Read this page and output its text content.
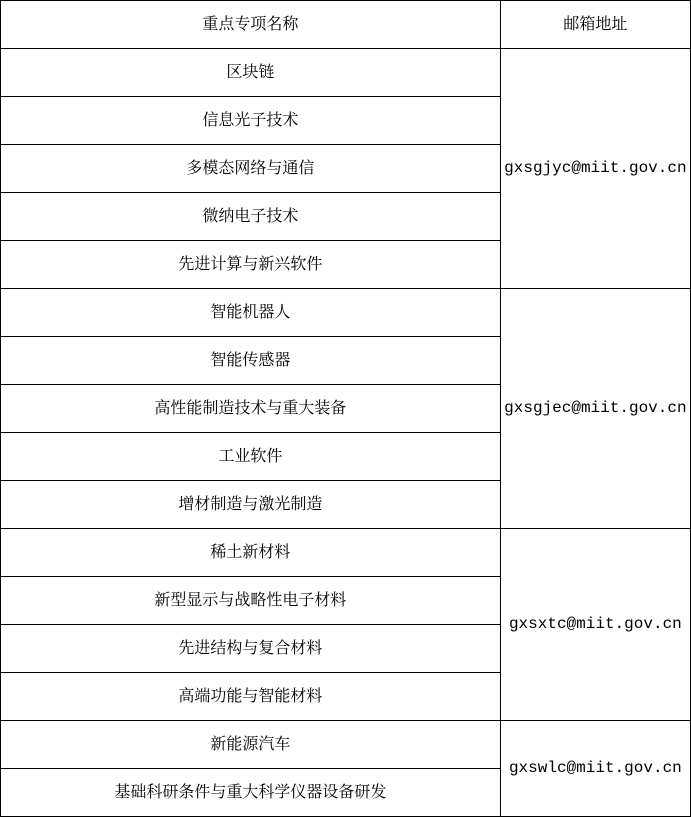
重点专项名称	邮箱地址

区块链	gxsgjyc@miit.gov.cn

信息光子技术	

多模态网络与通信	

微纳电子技术	

先进计算与新兴软件	

智能机器人	gxsgjec@miit.gov.cn

智能传感器	

高性能制造技术与重大装备	

工业软件	

增材制造与激光制造	

稀土新材料	gxsxtc@miit.gov.cn

新型显示与战略性电子材料	

先进结构与复合材料	

高端功能与智能材料	

新能源汽车	gxswlc@miit.gov.cn

基础科研条件与重大科学仪器设备研发	
